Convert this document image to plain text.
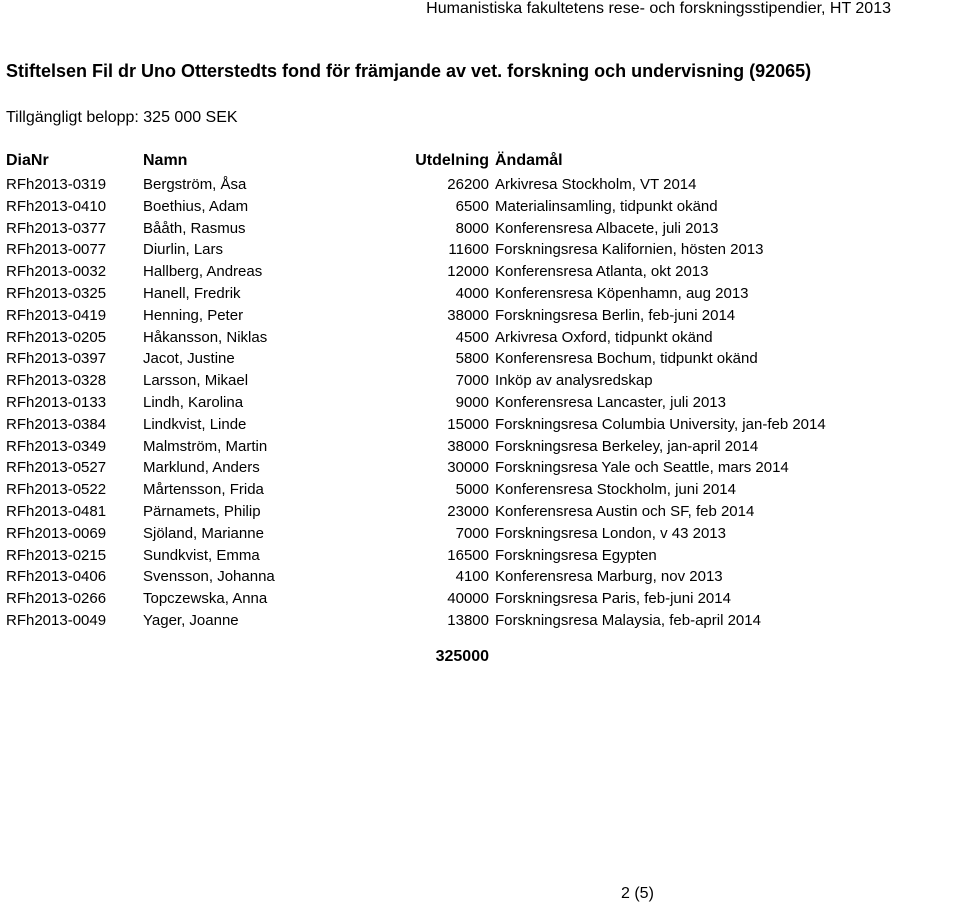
Humanistiska fakultetens rese- och forskningsstipendier, HT 2013
Stiftelsen Fil dr Uno Otterstedts fond för främjande av vet. forskning och undervisning (92065)
Tillgängligt belopp: 325 000 SEK
DiaNr	Namn	Utdelning Ändamål
RFh2013-0319 Bergström, Åsa	26200 Arkivresa Stockholm, VT 2014
RFh2013-0410 Boethius, Adam	6500 Materialinsamling, tidpunkt okänd
RFh2013-0377 Bååth, Rasmus	8000 Konferensresa Albacete, juli 2013
RFh2013-0077 Diurlin, Lars	11600 Forskningsresa Kalifornien, hösten 2013
RFh2013-0032 Hallberg, Andreas	12000 Konferensresa Atlanta, okt 2013
RFh2013-0325 Hanell, Fredrik	4000 Konferensresa Köpenhamn, aug 2013
RFh2013-0419 Henning, Peter	38000 Forskningsresa Berlin, feb-juni 2014
RFh2013-0205 Håkansson, Niklas	4500 Arkivresa Oxford, tidpunkt okänd
RFh2013-0397 Jacot, Justine	5800 Konferensresa Bochum, tidpunkt okänd
RFh2013-0328 Larsson, Mikael	7000 Inköp av analysredskap
RFh2013-0133 Lindh, Karolina	9000 Konferensresa Lancaster, juli 2013
RFh2013-0384 Lindkvist, Linde	15000 Forskningsresa Columbia University, jan-feb 2014
RFh2013-0349 Malmström, Martin	38000 Forskningsresa Berkeley, jan-april 2014
RFh2013-0527 Marklund, Anders	30000 Forskningsresa Yale och Seattle, mars 2014
RFh2013-0522 Mårtensson, Frida	5000 Konferensresa Stockholm, juni 2014
RFh2013-0481 Pärnamets, Philip	23000 Konferensresa Austin och SF, feb 2014
RFh2013-0069 Sjöland, Marianne	7000 Forskningsresa London, v 43 2013
RFh2013-0215 Sundkvist, Emma	16500 Forskningsresa Egypten
RFh2013-0406 Svensson, Johanna	4100 Konferensresa Marburg, nov 2013
RFh2013-0266 Topczewska, Anna	40000 Forskningsresa Paris, feb-juni 2014
RFh2013-0049 Yager, Joanne	13800 Forskningsresa Malaysia, feb-april 2014
325000
2 (5)
